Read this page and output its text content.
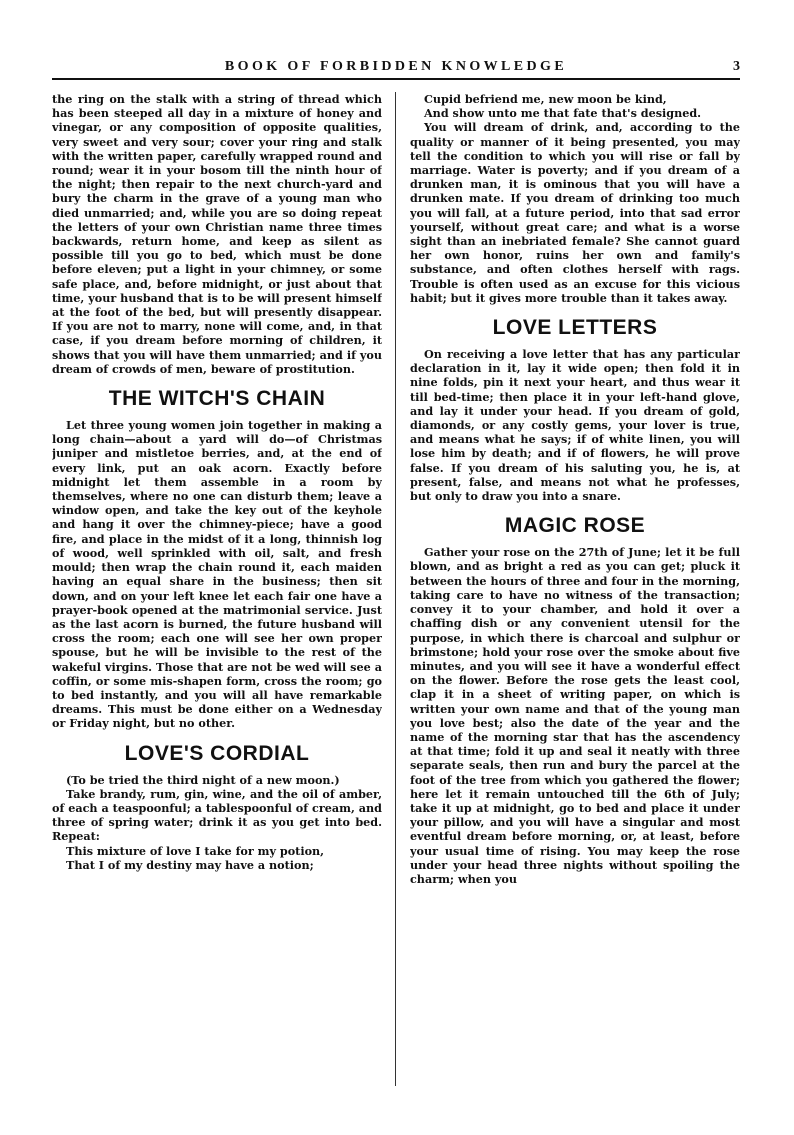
BOOK OF FORBIDDEN KNOWLEDGE	3

the ring on the stalk with a string of thread which has been steeped all day in a mixture of honey and vinegar, or any composition of opposite qualities, very sweet and very sour; cover your ring and stalk with the written paper, carefully wrapped round and round; wear it in your bosom till the ninth hour of the night; then repair to the next church-yard and bury the charm in the grave of a young man who died unmarried; and, while you are so doing repeat the letters of your own Christian name three times backwards, return home, and keep as silent as possible till you go to bed, which must be done before eleven; put a light in your chimney, or some safe place, and, before midnight, or just about that time, your husband that is to be will present himself at the foot of the bed, but will presently disappear. If you are not to marry, none will come, and, in that case, if you dream before morning of children, it shows that you will have them unmarried; and if you dream of crowds of men, beware of prostitution.

THE WITCH'S CHAIN

Let three young women join together in making a long chain—about a yard will do—of Christmas juniper and mistletoe berries, and, at the end of every link, put an oak acorn. Exactly before midnight let them assemble in a room by themselves, where no one can disturb them; leave a window open, and take the key out of the keyhole and hang it over the chimney-piece; have a good fire, and place in the midst of it a long, thinnish log of wood, well sprinkled with oil, salt, and fresh mould; then wrap the chain round it, each maiden having an equal share in the business; then sit down, and on your left knee let each fair one have a prayer-book opened at the matrimonial service. Just as the last acorn is burned, the future husband will cross the room; each one will see her own proper spouse, but he will be invisible to the rest of the wakeful virgins. Those that are not be wed will see a coffin, or some mis-shapen form, cross the room; go to bed instantly, and you will all have remarkable dreams. This must be done either on a Wednesday or Friday night, but no other.

LOVE'S CORDIAL

(To be tried the third night of a new moon.)

Take brandy, rum, gin, wine, and the oil of amber, of each a teaspoonful; a tablespoonful of cream, and three of spring water; drink it as you get into bed. Repeat:

This mixture of love I take for my potion,

That I of my destiny may have a notion;

Cupid befriend me, new moon be kind,

And show unto me that fate that's designed.

You will dream of drink, and, according to the quality or manner of it being presented, you may tell the condition to which you will rise or fall by marriage. Water is poverty; and if you dream of a drunken man, it is ominous that you will have a drunken mate. If you dream of drinking too much you will fall, at a future period, into that sad error yourself, without great care; and what is a worse sight than an inebriated female? She cannot guard her own honor, ruins her own and family's substance, and often clothes herself with rags. Trouble is often used as an excuse for this vicious habit; but it gives more trouble than it takes away.

LOVE LETTERS

On receiving a love letter that has any particular declaration in it, lay it wide open; then fold it in nine folds, pin it next your heart, and thus wear it till bed-time; then place it in your left-hand glove, and lay it under your head. If you dream of gold, diamonds, or any costly gems, your lover is true, and means what he says; if of white linen, you will lose him by death; and if of flowers, he will prove false. If you dream of his saluting you, he is, at present, false, and means not what he professes, but only to draw you into a snare.

MAGIC ROSE

Gather your rose on the 27th of June; let it be full blown, and as bright a red as you can get; pluck it between the hours of three and four in the morning, taking care to have no witness of the transaction; convey it to your chamber, and hold it over a chaffing dish or any convenient utensil for the purpose, in which there is charcoal and sulphur or brimstone; hold your rose over the smoke about five minutes, and you will see it have a wonderful effect on the flower. Before the rose gets the least cool, clap it in a sheet of writing paper, on which is written your own name and that of the young man you love best; also the date of the year and the name of the morning star that has the ascendency at that time; fold it up and seal it neatly with three separate seals, then run and bury the parcel at the foot of the tree from which you gathered the flower; here let it remain untouched till the 6th of July; take it up at midnight, go to bed and place it under your pillow, and you will have a singular and most eventful dream before morning, or, at least, before your usual time of rising. You may keep the rose under your head three nights without spoiling the charm; when you
